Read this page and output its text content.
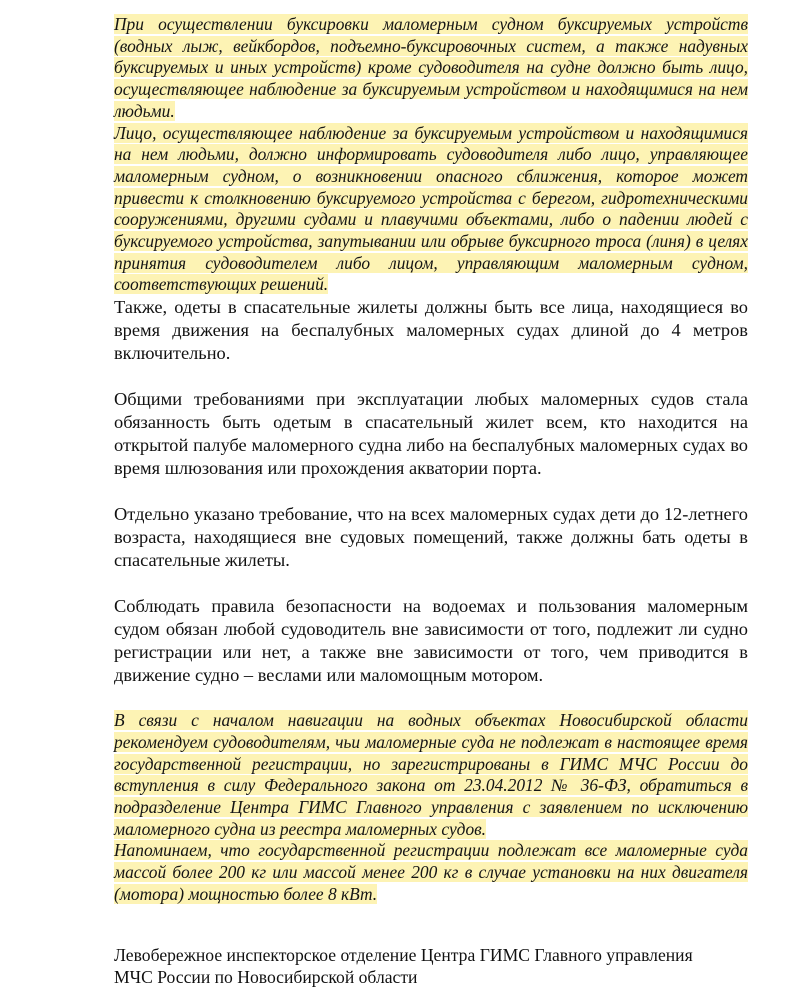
При осуществлении буксировки маломерным судном буксируемых устройств (водных лыж, вейкбордов, подъемно-буксировочных систем, а также надувных буксируемых и иных устройств) кроме судоводителя на судне должно быть лицо, осуществляющее наблюдение за буксируемым устройством и находящимися на нем людьми.

Лицо, осуществляющее наблюдение за буксируемым устройством и находящимися на нем людьми, должно информировать судоводителя либо лицо, управляющее маломерным судном, о возникновении опасного сближения, которое может привести к столкновению буксируемого устройства с берегом, гидротехническими сооружениями, другими судами и плавучими объектами, либо о падении людей с буксируемого устройства, запутывании или обрыве буксирного троса (линя) в целях принятия судоводителем либо лицом, управляющим маломерным судном, соответствующих решений.

Также, одеты в спасательные жилеты должны быть все лица, находящиеся во время движения на беспалубных маломерных судах длиной до 4 метров включительно.

Общими требованиями при эксплуатации любых маломерных судов стала обязанность быть одетым в спасательный жилет всем, кто находится на открытой палубе маломерного судна либо на беспалубных маломерных судах во время шлюзования или прохождения акватории порта.

Отдельно указано требование, что на всех маломерных судах дети до 12-летнего возраста, находящиеся вне судовых помещений, также должны бать одеты в спасательные жилеты.

Соблюдать правила безопасности на водоемах и пользования маломерным судом обязан любой судоводитель вне зависимости от того, подлежит ли судно регистрации или нет, а также вне зависимости от того, чем приводится в движение судно – веслами или маломощным мотором.

В связи с началом навигации на водных объектах Новосибирской области рекомендуем судоводителям, чьи маломерные суда не подлежат в настоящее время государственной регистрации, но зарегистрированы в ГИМС МЧС России до вступления в силу Федерального закона от 23.04.2012 № 36-ФЗ, обратиться в подразделение Центра ГИМС Главного управления с заявлением по исключению маломерного судна из реестра маломерных судов.

Напоминаем, что государственной регистрации подлежат все маломерные суда массой более 200 кг или массой менее 200 кг в случае установки на них двигателя (мотора) мощностью более 8 кВт.

Левобережное инспекторское отделение Центра ГИМС Главного управления
МЧС России по Новосибирской области
